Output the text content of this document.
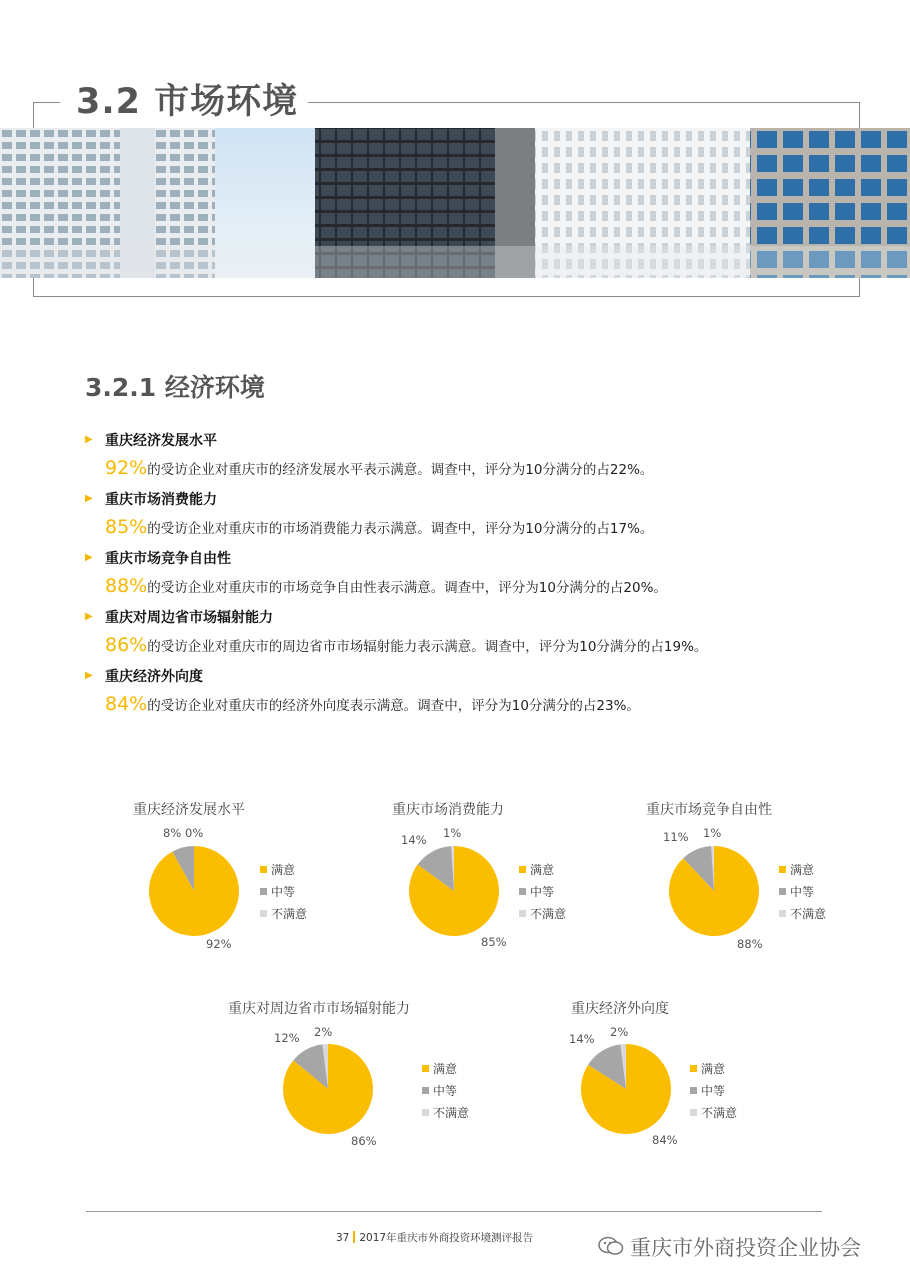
3.2 市场环境
3.2.1 经济环境
▶ 重庆经济发展水平
92%的受访企业对重庆市的经济发展水平表示满意。调查中，评分为10分满分的占22%。
▶ 重庆市场消费能力
85%的受访企业对重庆市的市场消费能力表示满意。调查中，评分为10分满分的占17%。
▶ 重庆市场竞争自由性
88%的受访企业对重庆市的市场竞争自由性表示满意。调查中，评分为10分满分的占20%。
▶ 重庆对周边省市场辐射能力
86%的受访企业对重庆市的周边省市市场辐射能力表示满意。调查中，评分为10分满分的占19%。
▶ 重庆经济外向度
84%的受访企业对重庆市的经济外向度表示满意。调查中，评分为10分满分的占23%。
重庆经济发展水平
8% 0%
92%
满意
中等
不满意
重庆市场消费能力
14% 1%
85%
满意
中等
不满意
重庆市场竞争自由性
11% 1%
88%
满意
中等
不满意
重庆对周边省市市场辐射能力
12% 2%
86%
满意
中等
不满意
重庆经济外向度
14% 2%
84%
满意
中等
不满意
37 2017年重庆市外商投资环境测评报告	重庆市外商投资企业协会
